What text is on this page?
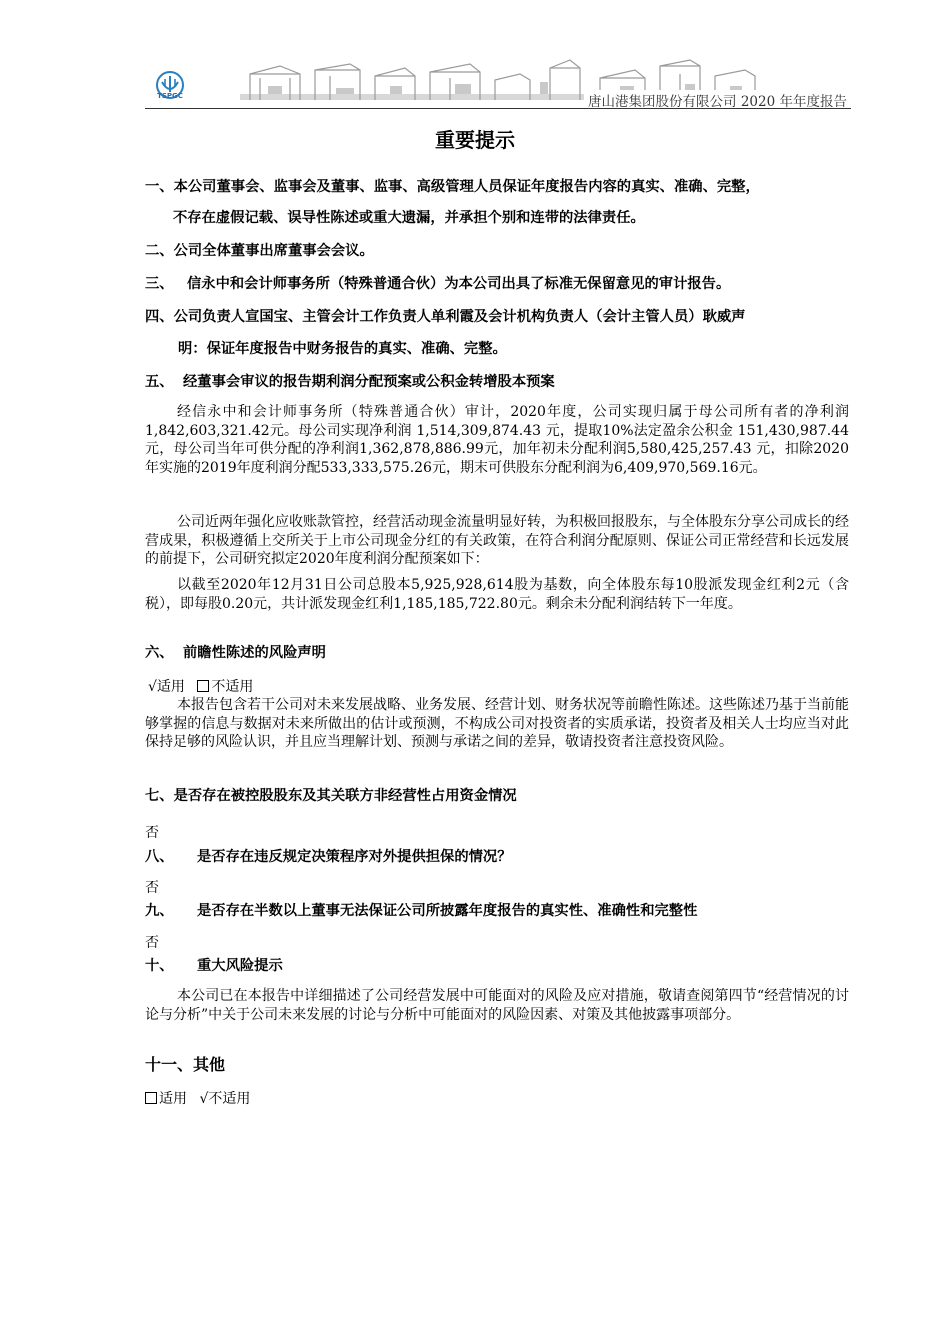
TSPGC	唐山港集团股份有限公司 2020 年年度报告
重要提示
一、本公司董事会、监事会及董事、监事、高级管理人员保证年度报告内容的真实、准确、完整，
不存在虚假记载、误导性陈述或重大遗漏，并承担个别和连带的法律责任。
二、公司全体董事出席董事会会议。
三、 信永中和会计师事务所（特殊普通合伙）为本公司出具了标准无保留意见的审计报告。
四、公司负责人宣国宝、主管会计工作负责人单利霞及会计机构负责人（会计主管人员）耿威声
明：保证年度报告中财务报告的真实、准确、完整。
五、 经董事会审议的报告期利润分配预案或公积金转增股本预案

经信永中和会计师事务所（特殊普通合伙）审计，2020年度，公司实现归属于母公司所有者的净利润1,842,603,321.42元。母公司实现净利润 1,514,309,874.43 元，提取10%法定盈余公积金 151,430,987.44元，母公司当年可供分配的净利润1,362,878,886.99元，加年初未分配利润5,580,425,257.43 元，扣除2020年实施的2019年度利润分配533,333,575.26元，期末可供股东分配利润为6,409,970,569.16元。

公司近两年强化应收账款管控，经营活动现金流量明显好转，为积极回报股东，与全体股东分享公司成长的经营成果，积极遵循上交所关于上市公司现金分红的有关政策，在符合利润分配原则、保证公司正常经营和长远发展的前提下，公司研究拟定2020年度利润分配预案如下：

以截至2020年12月31日公司总股本5,925,928,614股为基数，向全体股东每10股派发现金红利2元（含税），即每股0.20元，共计派发现金红利1,185,185,722.80元。剩余未分配利润结转下一年度。

六、 前瞻性陈述的风险声明
√适用 不适用

本报告包含若干公司对未来发展战略、业务发展、经营计划、财务状况等前瞻性陈述。这些陈述乃基于当前能够掌握的信息与数据对未来所做出的估计或预测，不构成公司对投资者的实质承诺，投资者及相关人士均应当对此保持足够的风险认识，并且应当理解计划、预测与承诺之间的差异，敬请投资者注意投资风险。

七、是否存在被控股股东及其关联方非经营性占用资金情况
否
八、 是否存在违反规定决策程序对外提供担保的情况？
否
九、 是否存在半数以上董事无法保证公司所披露年度报告的真实性、准确性和完整性
否
十、 重大风险提示

本公司已在本报告中详细描述了公司经营发展中可能面对的风险及应对措施，敬请查阅第四节“经营情况的讨论与分析”中关于公司未来发展的讨论与分析中可能面对的风险因素、对策及其他披露事项部分。

十一、其他
适用 √不适用
